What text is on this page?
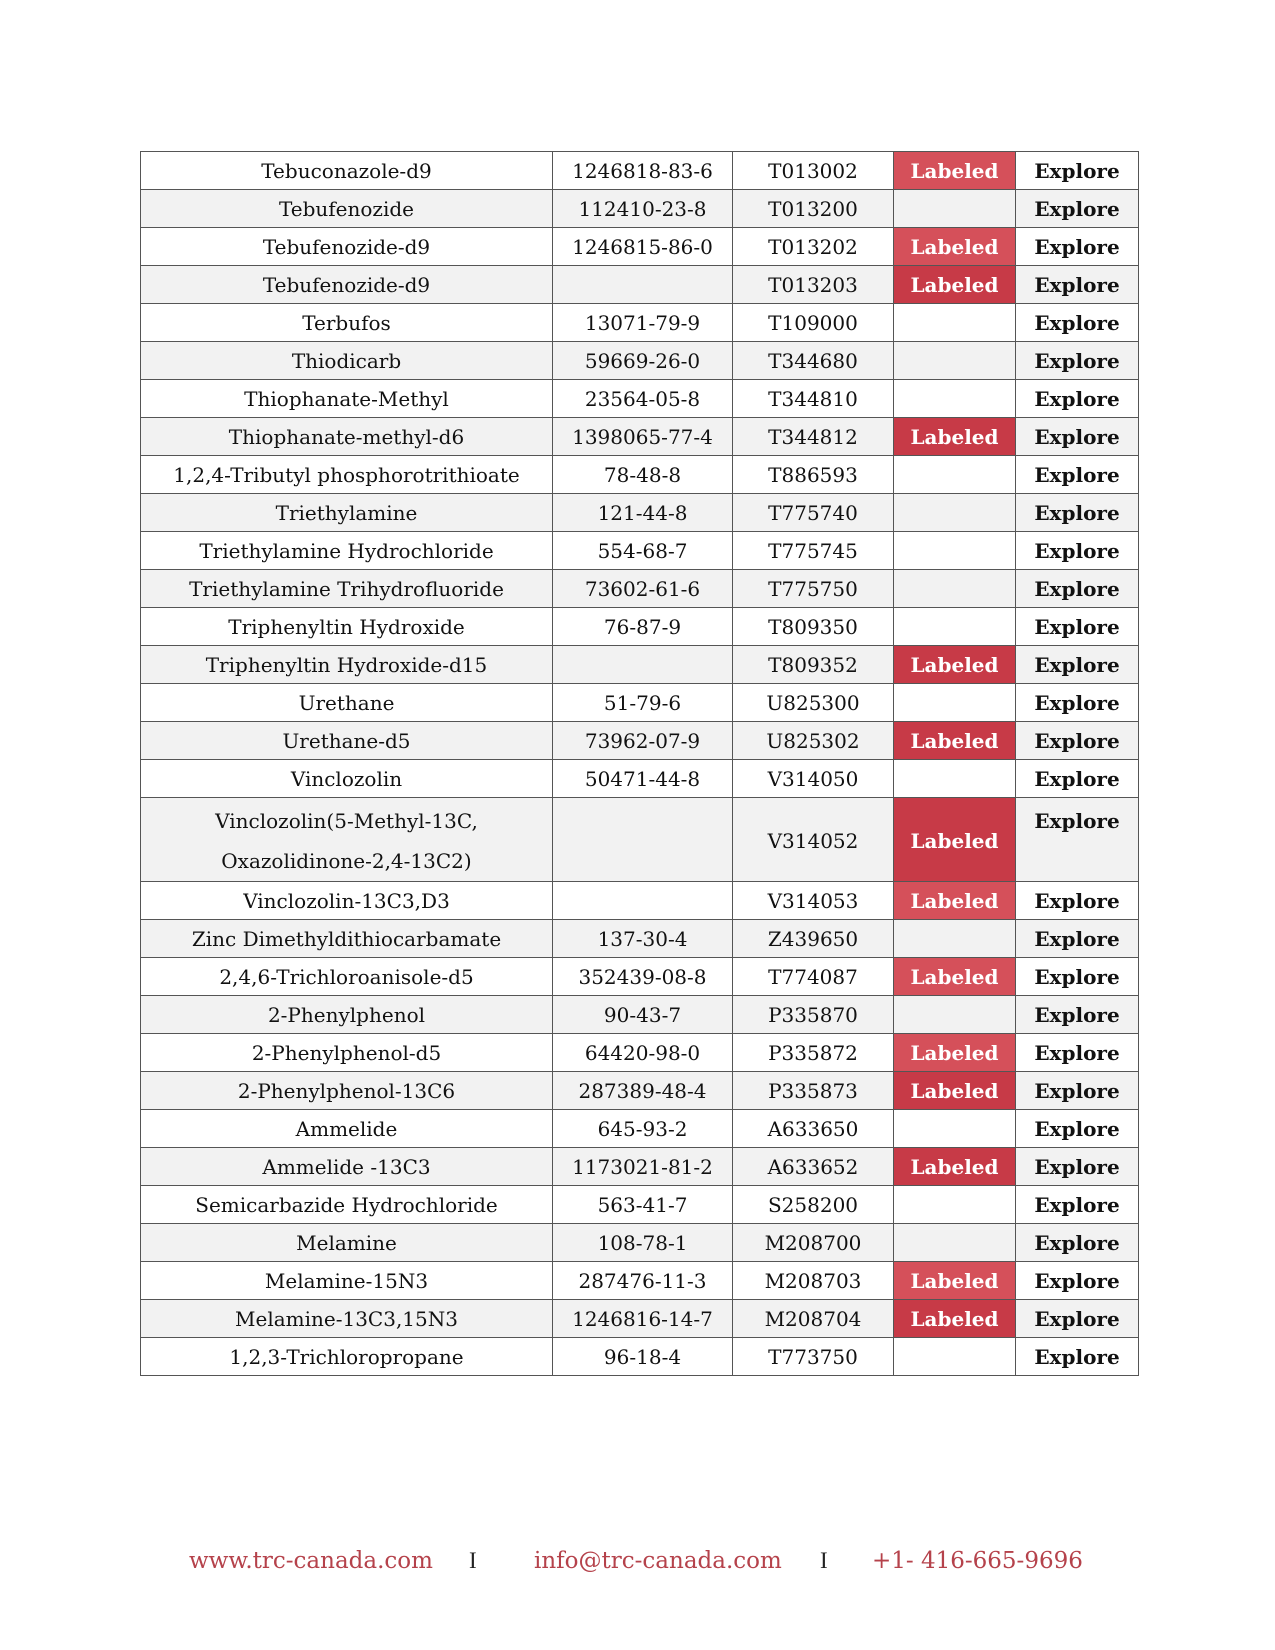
Tebuconazole-d9	1246818-83-6	T013002	Labeled	Explore
Tebufenozide	112410-23-8	T013200		Explore
Tebufenozide-d9	1246815-86-0	T013202	Labeled	Explore
Tebufenozide-d9		T013203	Labeled	Explore
Terbufos	13071-79-9	T109000		Explore
Thiodicarb	59669-26-0	T344680		Explore
Thiophanate-Methyl	23564-05-8	T344810		Explore
Thiophanate-methyl-d6	1398065-77-4	T344812	Labeled	Explore
1,2,4-Tributyl phosphorotrithioate	78-48-8	T886593		Explore
Triethylamine	121-44-8	T775740		Explore
Triethylamine Hydrochloride	554-68-7	T775745		Explore
Triethylamine Trihydrofluoride	73602-61-6	T775750		Explore
Triphenyltin Hydroxide	76-87-9	T809350		Explore
Triphenyltin Hydroxide-d15		T809352	Labeled	Explore
Urethane	51-79-6	U825300		Explore
Urethane-d5	73962-07-9	U825302	Labeled	Explore
Vinclozolin	50471-44-8	V314050		Explore

Vinclozolin(5-Methyl-13C,
Oxazolidinone-2,4-13C2)		V314052	Labeled	Explore
Vinclozolin-13C3,D3		V314053	Labeled	Explore
Zinc Dimethyldithiocarbamate	137-30-4	Z439650		Explore
2,4,6-Trichloroanisole-d5	352439-08-8	T774087	Labeled	Explore
2-Phenylphenol	90-43-7	P335870		Explore
2-Phenylphenol-d5	64420-98-0	P335872	Labeled	Explore
2-Phenylphenol-13C6	287389-48-4	P335873	Labeled	Explore
Ammelide	645-93-2	A633650		Explore
Ammelide -13C3	1173021-81-2	A633652	Labeled	Explore
Semicarbazide Hydrochloride	563-41-7	S258200		Explore
Melamine	108-78-1	M208700		Explore
Melamine-15N3	287476-11-3	M208703	Labeled	Explore
Melamine-13C3,15N3	1246816-14-7	M208704	Labeled	Explore
1,2,3-Trichloropropane	96-18-4	T773750		Explore
www.trc-canada.com I info@trc-canada.com I +1- 416-665-9696
